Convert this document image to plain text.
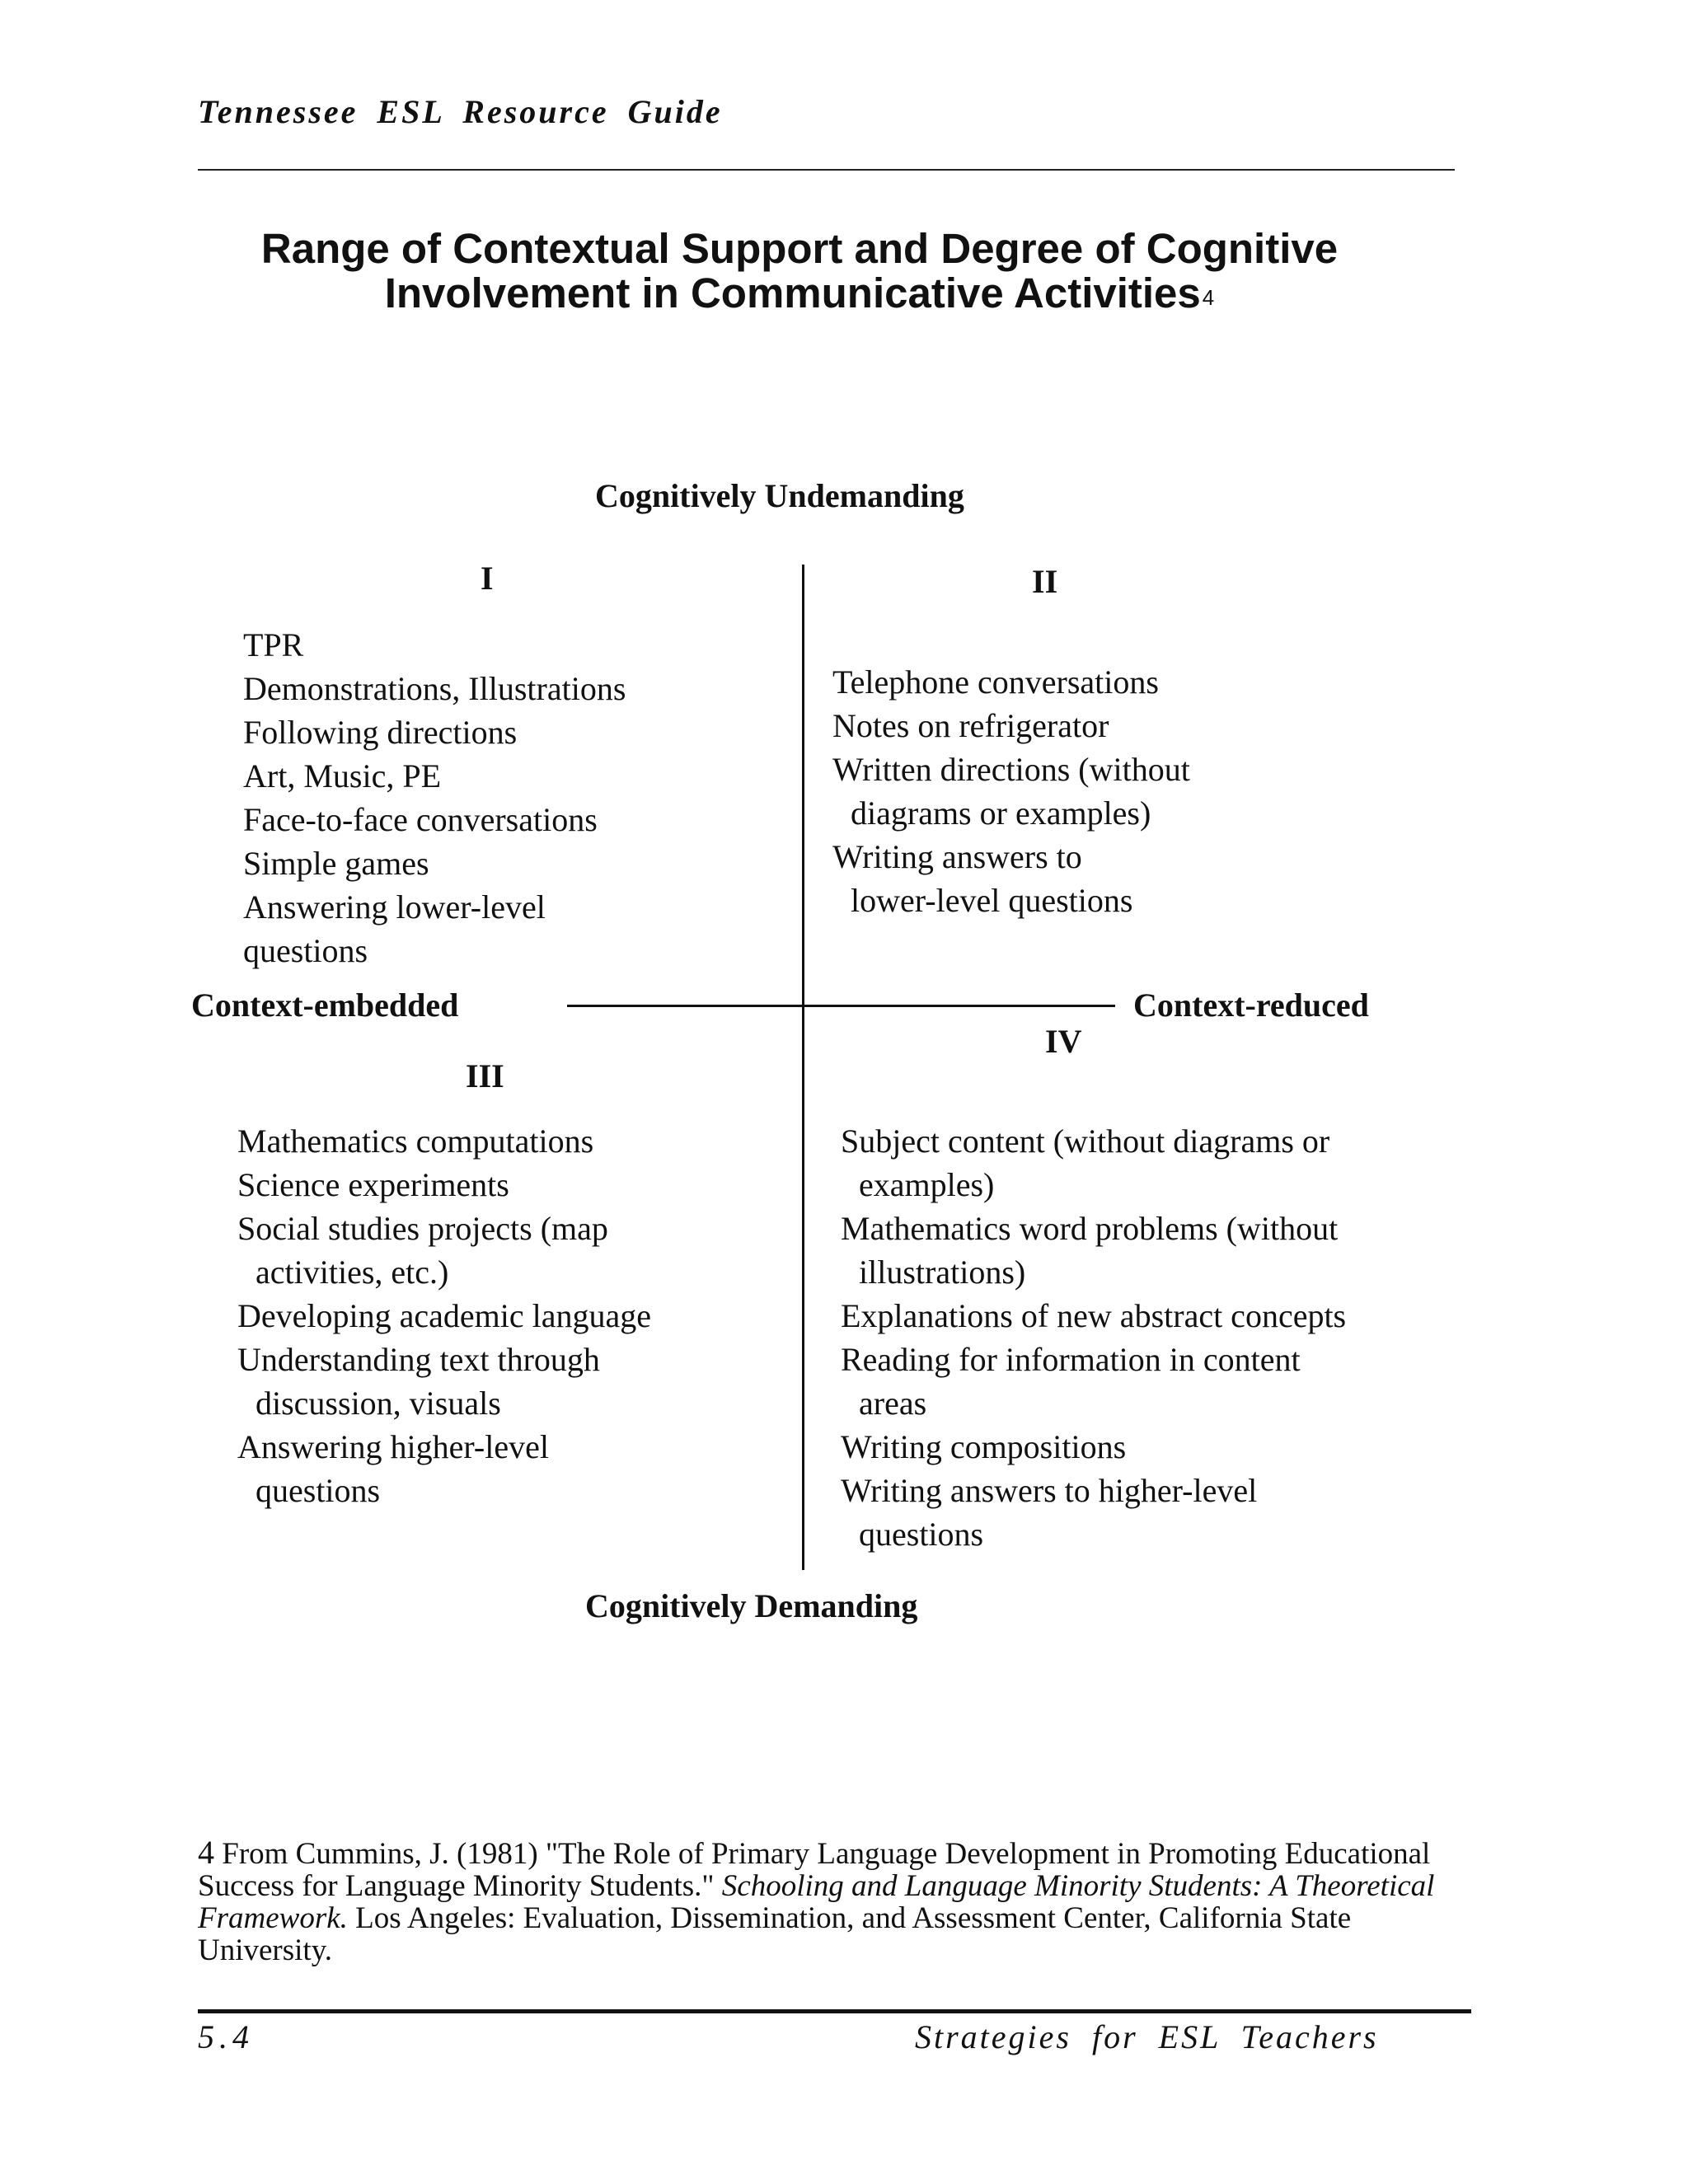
Tennessee ESL Resource Guide
Range of Contextual Support and Degree of Cognitive
Involvement in Communicative Activities$^4$
Cognitively Undemanding
Cognitively Demanding
Context-embedded	Context-reduced
I
TPR
Demonstrations, Illustrations
Following directions
Art, Music, PE
Face-to-face conversations
Simple games
Answering lower-level
questions
II
Telephone conversations
Notes on refrigerator
Written directions (without
diagrams or examples)
Writing answers to
lower-level questions
III
Mathematics computations
Science experiments
Social studies projects (map
activities, etc.)
Developing academic language
Understanding text through
discussion, visuals
Answering higher-level
questions
IV
Subject content (without diagrams or
examples)
Mathematics word problems (without
illustrations)
Explanations of new abstract concepts
Reading for information in content
areas
Writing compositions
Writing answers to higher-level
questions
4 From Cummins, J. (1981) "The Role of Primary Language Development in Promoting Educational Success for Language Minority Students." Schooling and Language Minority Students: A Theoretical Framework. Los Angeles: Evaluation, Dissemination, and Assessment Center, California State University.
5.4	Strategies for ESL Teachers
